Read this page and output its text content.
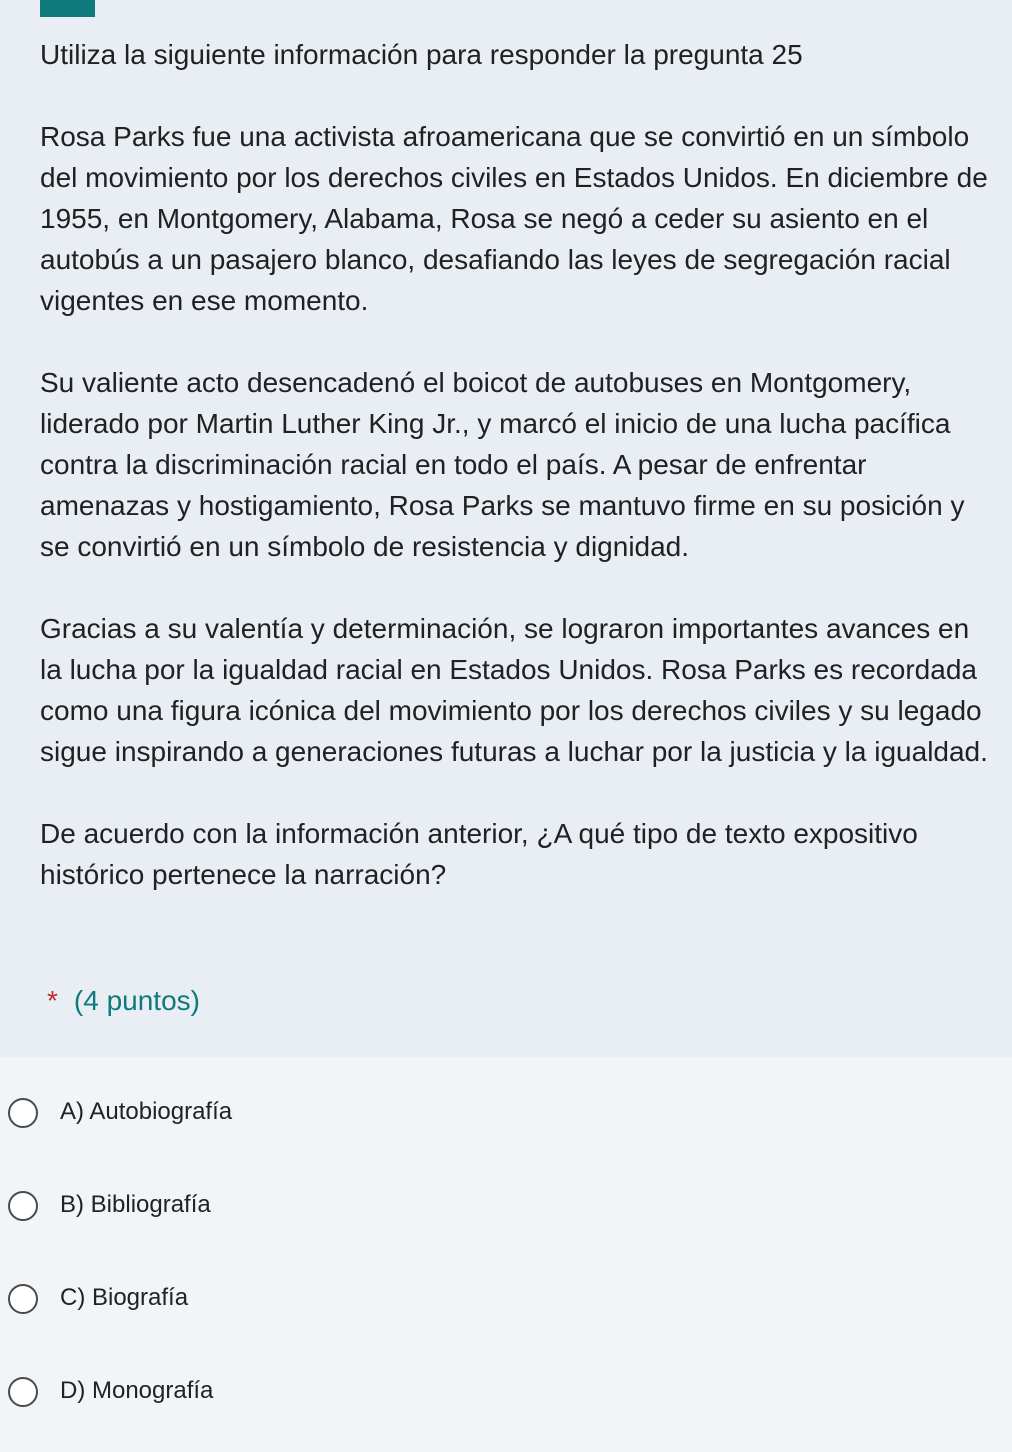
Utiliza la siguiente información para responder la pregunta 25

Rosa Parks fue una activista afroamericana que se convirtió en un símbolo del movimiento por los derechos civiles en Estados Unidos. En diciembre de 1955, en Montgomery, Alabama, Rosa se negó a ceder su asiento en el autobús a un pasajero blanco, desafiando las leyes de segregación racial vigentes en ese momento.

Su valiente acto desencadenó el boicot de autobuses en Montgomery, liderado por Martin Luther King Jr., y marcó el inicio de una lucha pacífica contra la discriminación racial en todo el país. A pesar de enfrentar amenazas y hostigamiento, Rosa Parks se mantuvo firme en su posición y se convirtió en un símbolo de resistencia y dignidad.

Gracias a su valentía y determinación, se lograron importantes avances en la lucha por la igualdad racial en Estados Unidos. Rosa Parks es recordada como una figura icónica del movimiento por los derechos civiles y su legado sigue inspirando a generaciones futuras a luchar por la justicia y la igualdad.

De acuerdo con la información anterior, ¿A qué tipo de texto expositivo histórico pertenece la narración?

* (4 puntos)
A) Autobiografía
B) Bibliografía
C) Biografía
D) Monografía
